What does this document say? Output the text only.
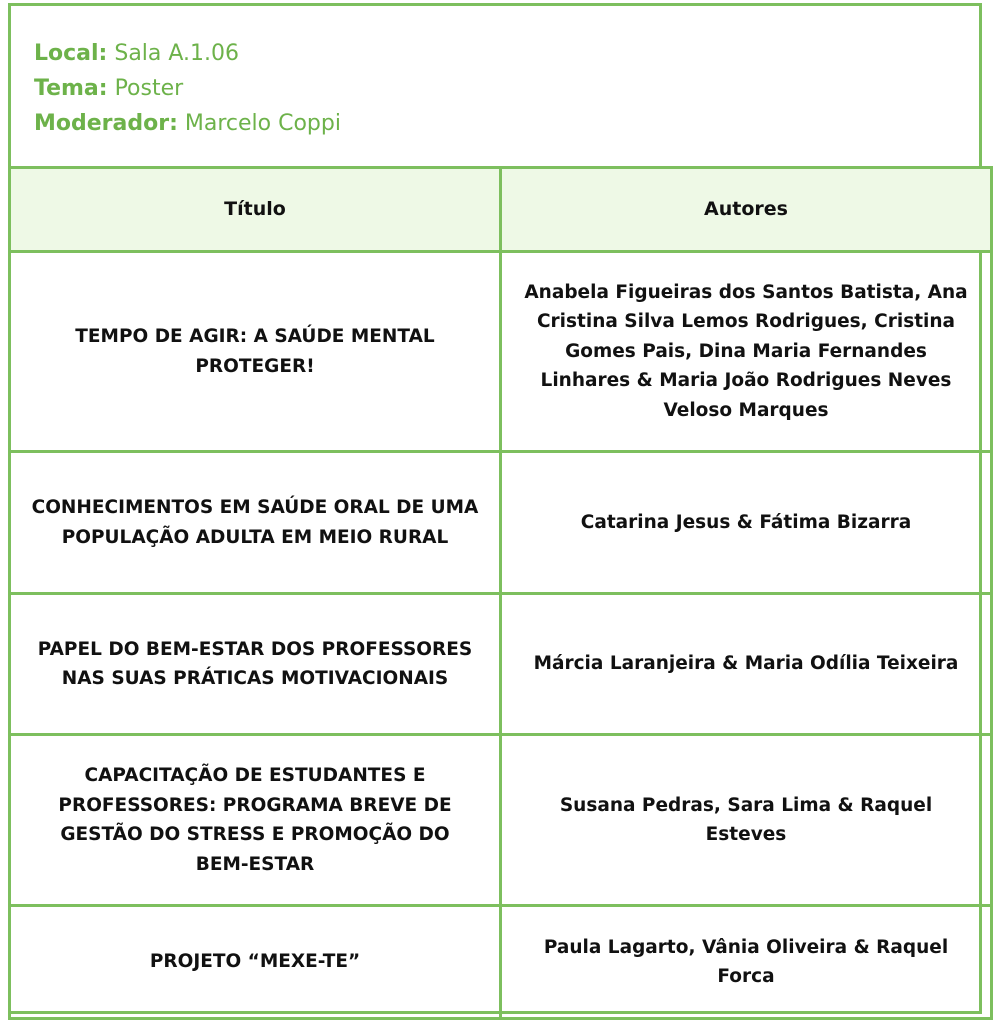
Local: Sala A.1.06
Tema: Poster
Moderador: Marcelo Coppi
Título	Autores
TEMPO DE AGIR: A SAÚDE MENTAL PROTEGER!	Anabela Figueiras dos Santos Batista, Ana Cristina Silva Lemos Rodrigues, Cristina Gomes Pais, Dina Maria Fernandes Linhares & Maria João Rodrigues Neves Veloso Marques
CONHECIMENTOS EM SAÚDE ORAL DE UMA POPULAÇÃO ADULTA EM MEIO RURAL	Catarina Jesus & Fátima Bizarra
PAPEL DO BEM-ESTAR DOS PROFESSORES NAS SUAS PRÁTICAS MOTIVACIONAIS	Márcia Laranjeira & Maria Odília Teixeira
CAPACITAÇÃO DE ESTUDANTES E PROFESSORES: PROGRAMA BREVE DE GESTÃO DO STRESS E PROMOÇÃO DO BEM-ESTAR	Susana Pedras, Sara Lima & Raquel Esteves
PROJETO “MEXE-TE”	Paula Lagarto, Vânia Oliveira & Raquel Forca
